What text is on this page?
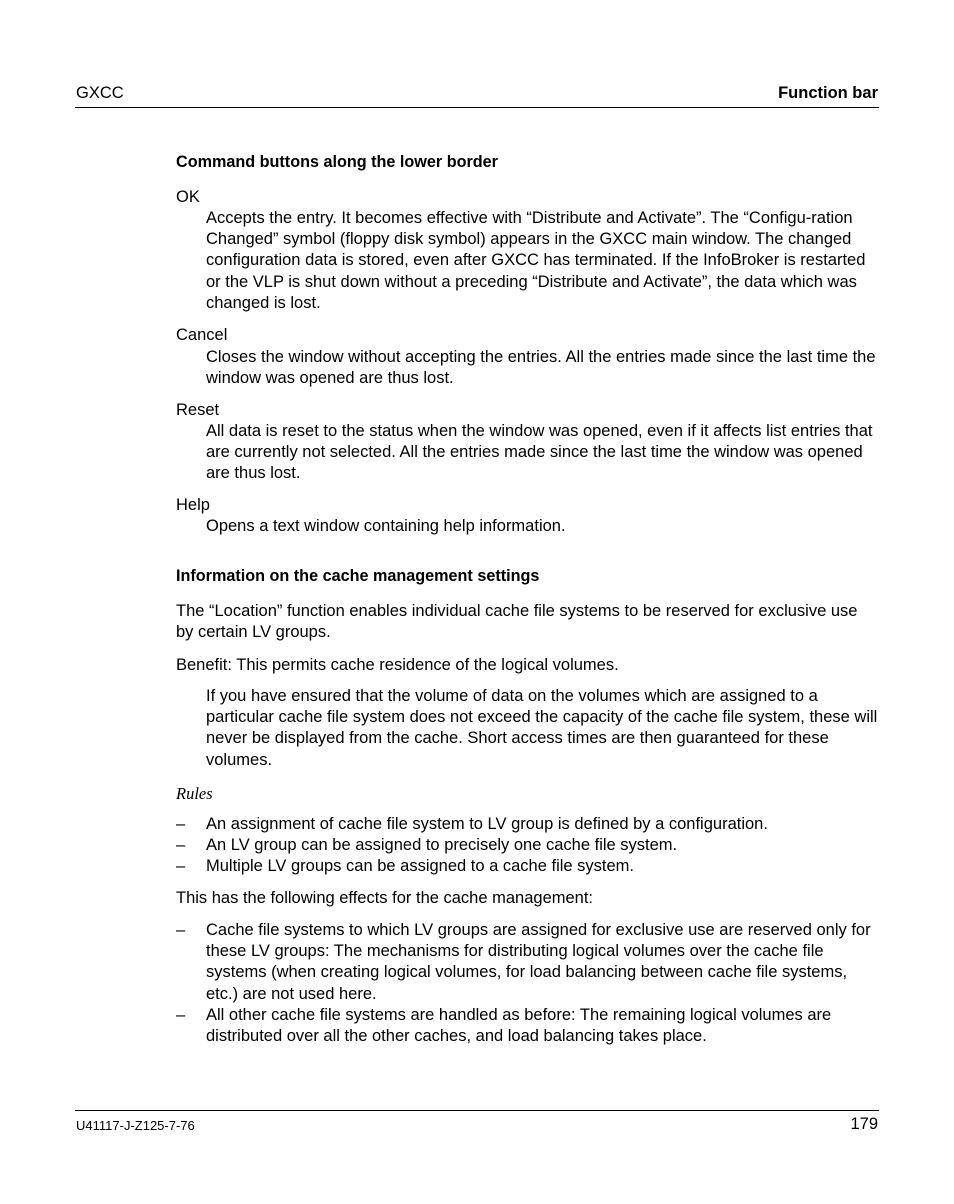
GXCC	Function bar
Command buttons along the lower border
OK
Accepts the entry. It becomes effective with “Distribute and Activate”. The “Configu-ration Changed” symbol (floppy disk symbol) appears in the GXCC main window. The changed configuration data is stored, even after GXCC has terminated. If the InfoBroker is restarted or the VLP is shut down without a preceding “Distribute and Activate”, the data which was changed is lost.
Cancel
Closes the window without accepting the entries. All the entries made since the last time the window was opened are thus lost.
Reset
All data is reset to the status when the window was opened, even if it affects list entries that are currently not selected. All the entries made since the last time the window was opened are thus lost.
Help
Opens a text window containing help information.
Information on the cache management settings
The “Location” function enables individual cache file systems to be reserved for exclusive use by certain LV groups.
Benefit: This permits cache residence of the logical volumes.
If you have ensured that the volume of data on the volumes which are assigned to a particular cache file system does not exceed the capacity of the cache file system, these will never be displayed from the cache. Short access times are then guaranteed for these volumes.
Rules
–	An assignment of cache file system to LV group is defined by a configuration.
–	An LV group can be assigned to precisely one cache file system.
–	Multiple LV groups can be assigned to a cache file system.
This has the following effects for the cache management:
–	Cache file systems to which LV groups are assigned for exclusive use are reserved only for these LV groups: The mechanisms for distributing logical volumes over the cache file systems (when creating logical volumes, for load balancing between cache file systems, etc.) are not used here.
–	All other cache file systems are handled as before: The remaining logical volumes are distributed over all the other caches, and load balancing takes place.
U41117-J-Z125-7-76	179
